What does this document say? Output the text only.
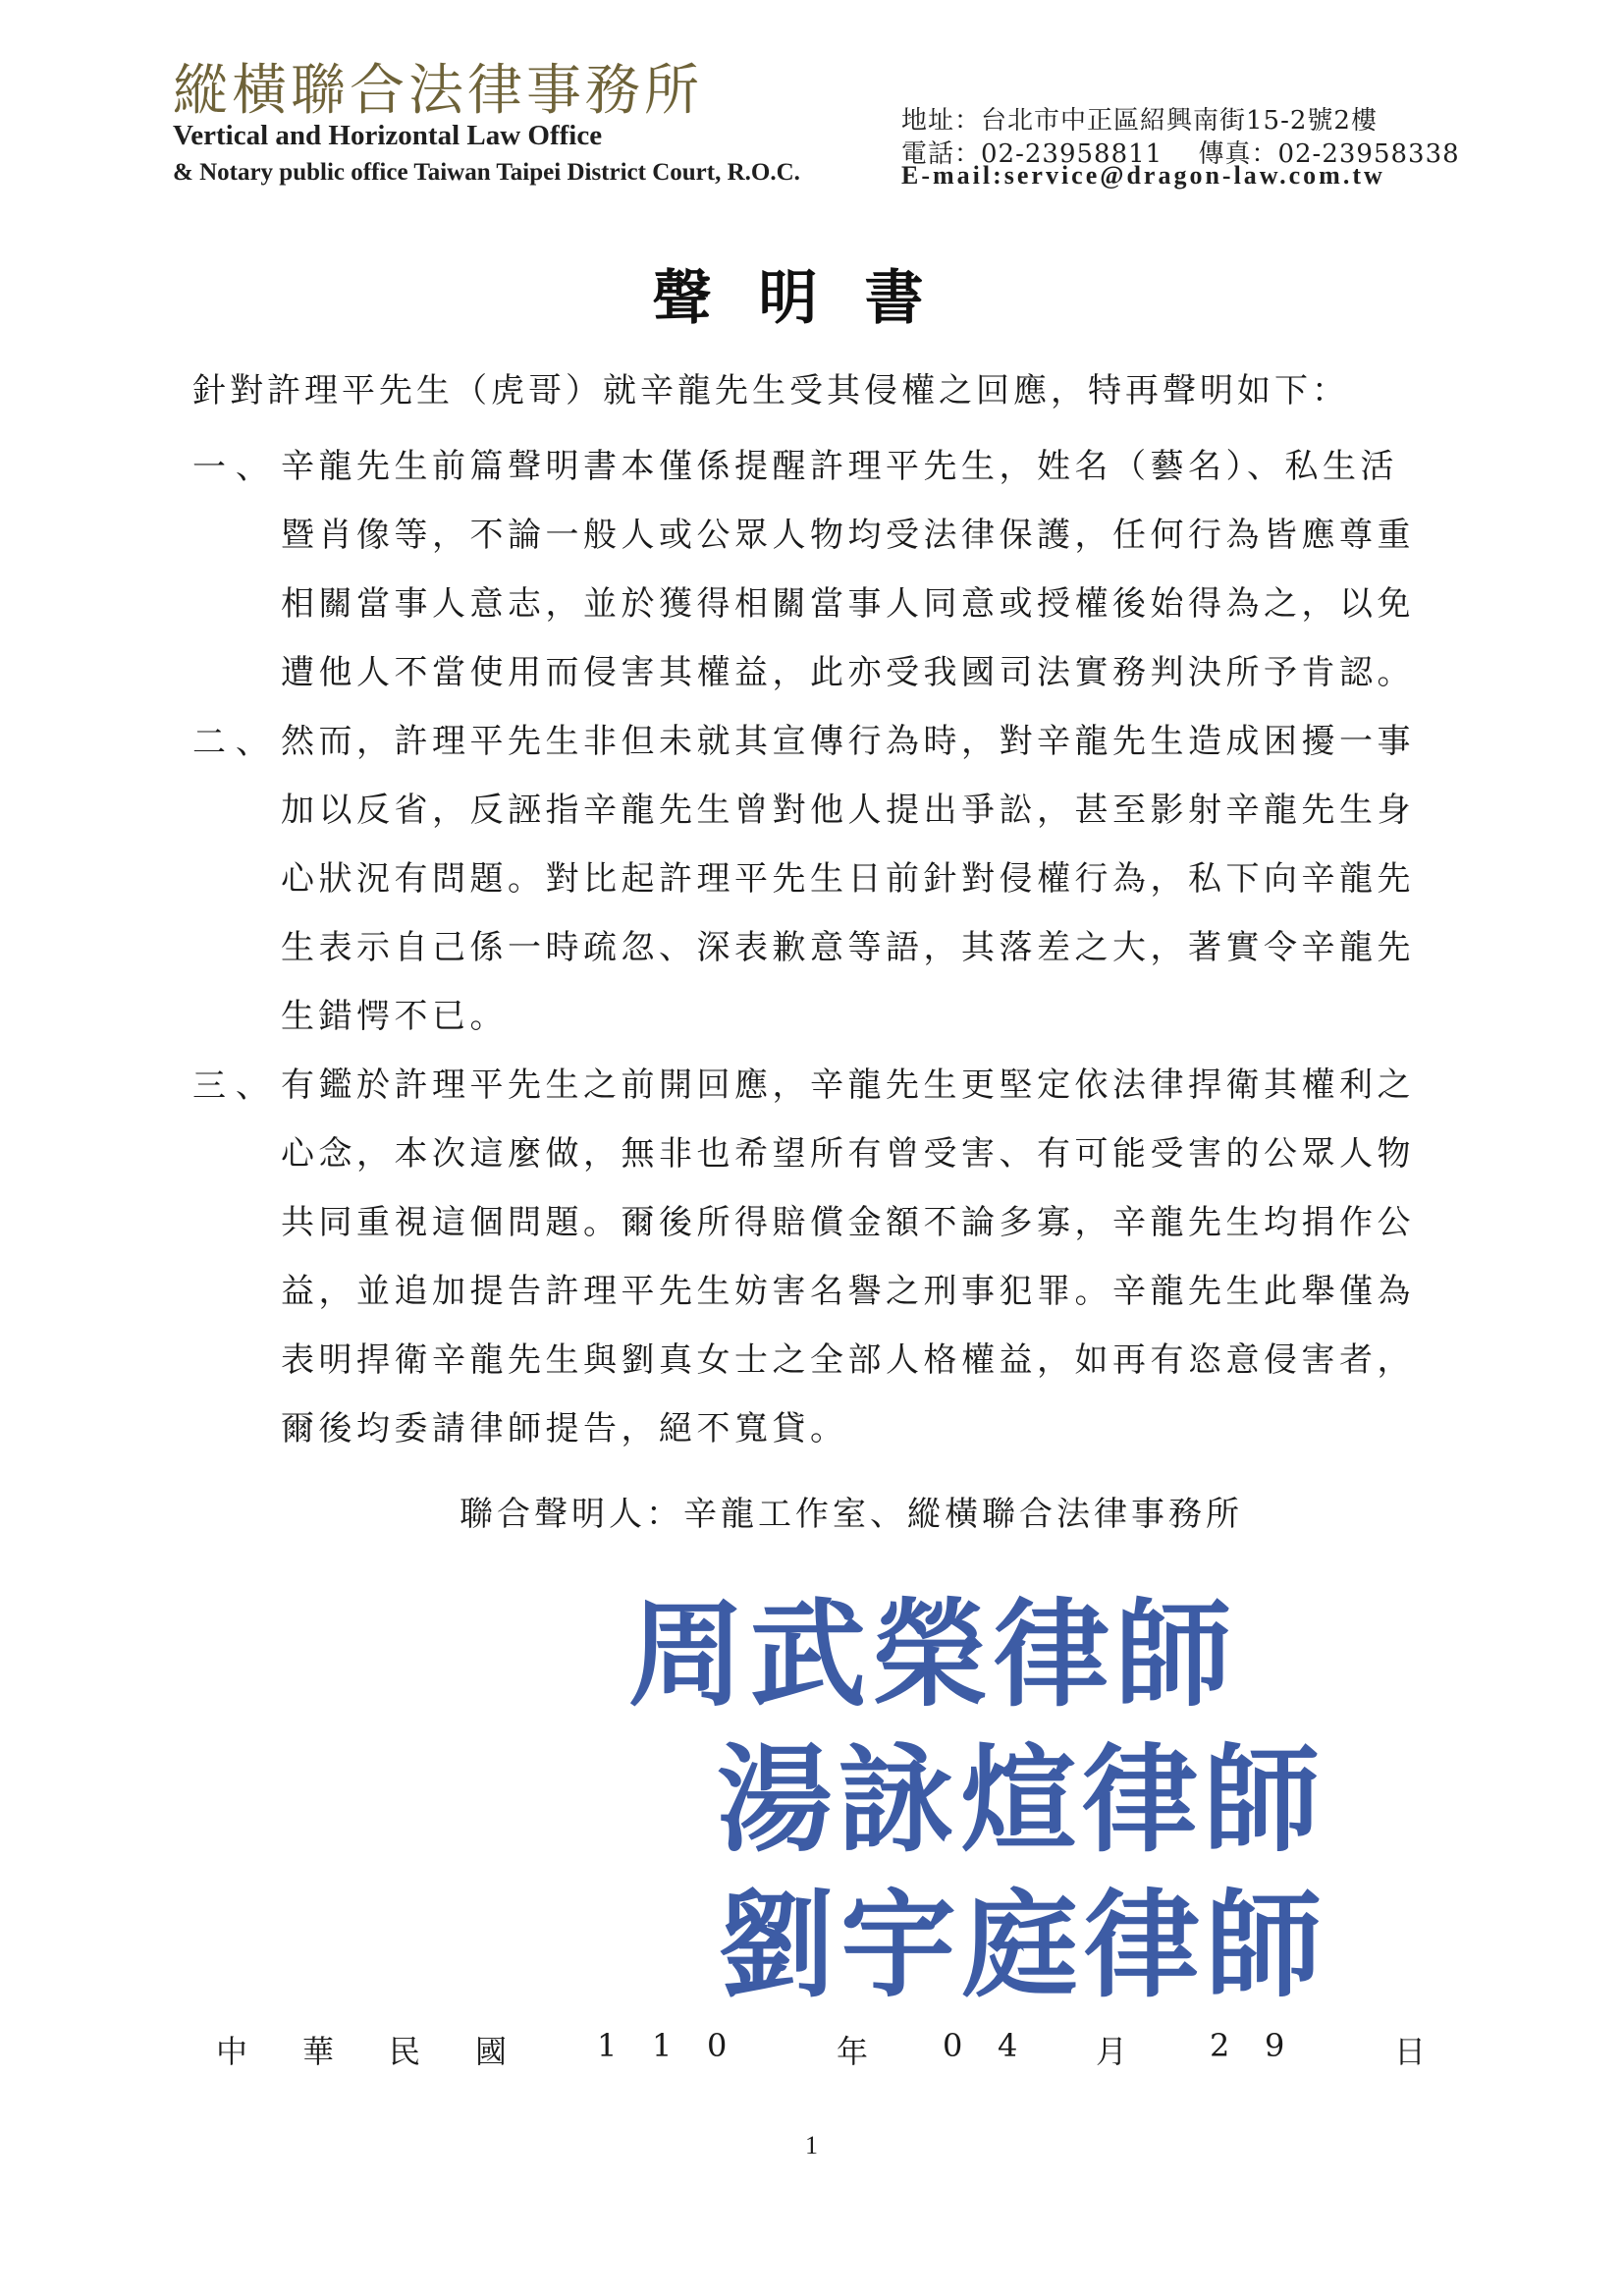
縱橫聯合法律事務所
Vertical and Horizontal Law Office
& Notary public office Taiwan Taipei District Court, R.O.C.
地址：台北市中正區紹興南街15-2號2樓
電話：02-23958811　 傳真：02-23958338
E-mail:service@dragon-law.com.tw
聲明書
針對許理平先生（虎哥）就辛龍先生受其侵權之回應，特再聲明如下：
一、 辛龍先生前篇聲明書本僅係提醒許理平先生，姓名（藝名）、私生活
暨肖像等，不論一般人或公眾人物均受法律保護，任何行為皆應尊重
相關當事人意志，並於獲得相關當事人同意或授權後始得為之，以免
遭他人不當使用而侵害其權益，此亦受我國司法實務判決所予肯認。
二、 然而，許理平先生非但未就其宣傳行為時，對辛龍先生造成困擾一事
加以反省，反誣指辛龍先生曾對他人提出爭訟，甚至影射辛龍先生身
心狀況有問題。對比起許理平先生日前針對侵權行為，私下向辛龍先
生表示自己係一時疏忽、深表歉意等語，其落差之大，著實令辛龍先
生錯愕不已。
三、 有鑑於許理平先生之前開回應，辛龍先生更堅定依法律捍衛其權利之
心念，本次這麼做，無非也希望所有曾受害、有可能受害的公眾人物
共同重視這個問題。爾後所得賠償金額不論多寡，辛龍先生均捐作公
益，並追加提告許理平先生妨害名譽之刑事犯罪。辛龍先生此舉僅為
表明捍衛辛龍先生與劉真女士之全部人格權益，如再有恣意侵害者，
爾後均委請律師提告，絕不寬貸。
聯合聲明人：辛龍工作室、縱橫聯合法律事務所
周武榮律師
湯詠煊律師
劉宇庭律師
中 華 民 國	1 1 0	年 0 4 月	2 9	日
1
